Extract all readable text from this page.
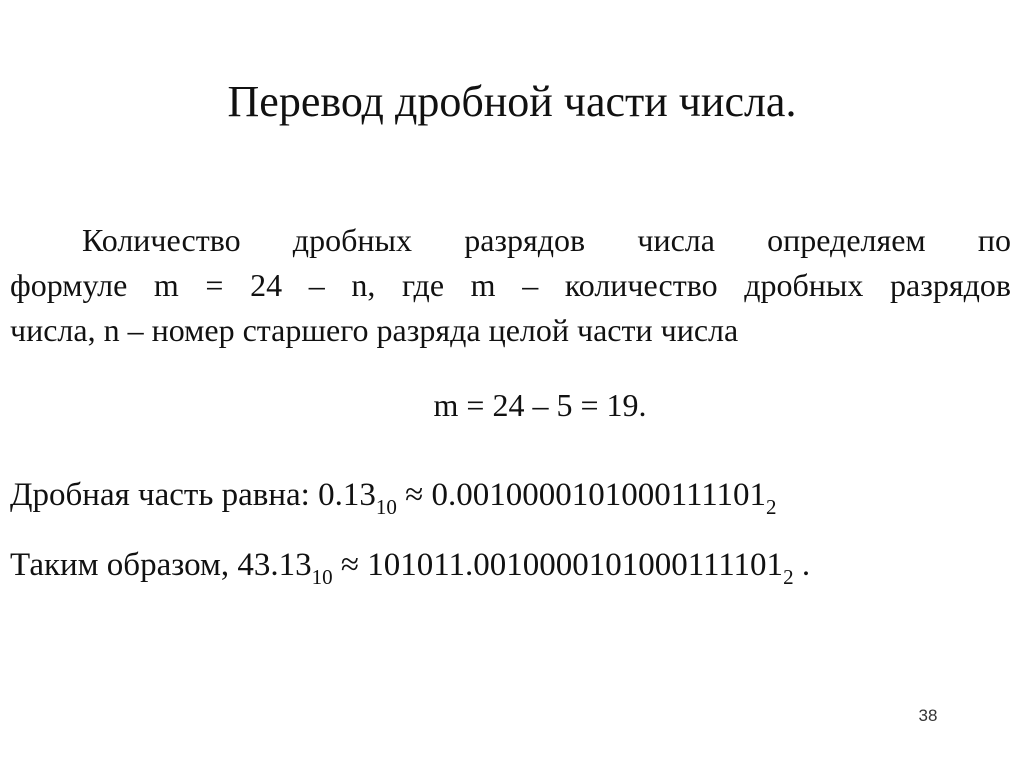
Перевод дробной части числа.
Количество дробных разрядов числа определяем по
формуле m = 24 – n, где m – количество дробных разрядов
числа, n – номер старшего разряда целой части числа
m = 24 – 5 = 19.
Дробная часть равна: $0.13_{10} \approx 0.0010000101000111101_2$
Таким образом, $43.13_{10} \approx 101011.0010000101000111101_2$ .
38
